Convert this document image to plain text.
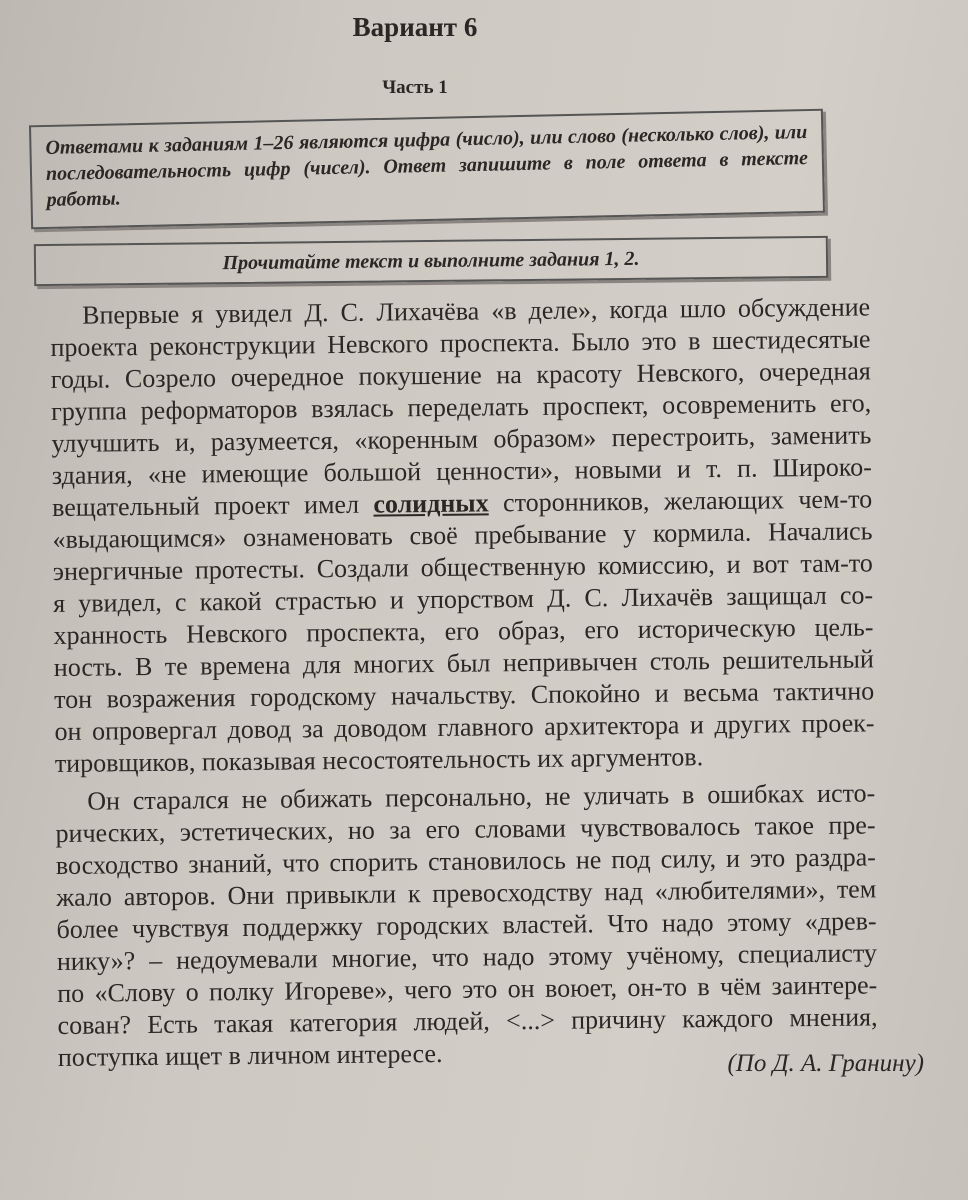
Вариант 6
Часть 1

Ответами к заданиям 1–26 являются цифра (число), или слово (несколько слов), или последовательность цифр (чисел). Ответ запишите в поле ответа в тексте работы.

Прочитайте текст и выполните задания 1, 2.
Впервые я увидел Д. С. Лихачёва «в деле», когда шло обсуждение
проекта реконструкции Невского проспекта. Было это в шестидесятые
годы. Созрело очередное покушение на красоту Невского, очередная
группа реформаторов взялась переделать проспект, осовременить его,
улучшить и, разумеется, «коренным образом» перестроить, заменить
здания, «не имеющие большой ценности», новыми и т. п. Широко-
вещательный проект имел солидных сторонников, желающих чем-то
«выдающимся» ознаменовать своё пребывание у кормила. Начались
энергичные протесты. Создали общественную комиссию, и вот там-то
я увидел, с какой страстью и упорством Д. С. Лихачёв защищал со-
хранность Невского проспекта, его образ, его историческую цель-
ность. В те времена для многих был непривычен столь решительный
тон возражения городскому начальству. Спокойно и весьма тактично
он опровергал довод за доводом главного архитектора и других проек-
тировщиков, показывая несостоятельность их аргументов.
Он старался не обижать персонально, не уличать в ошибках исто-
рических, эстетических, но за его словами чувствовалось такое пре-
восходство знаний, что спорить становилось не под силу, и это раздра-
жало авторов. Они привыкли к превосходству над «любителями», тем
более чувствуя поддержку городских властей. Что надо этому «древ-
нику»? – недоумевали многие, что надо этому учёному, специалисту
по «Слову о полку Игореве», чего это он воюет, он-то в чём заинтере-
сован? Есть такая категория людей, <...> причину каждого мнения,
поступка ищет в личном интересе.	(По Д. А. Гранину)
